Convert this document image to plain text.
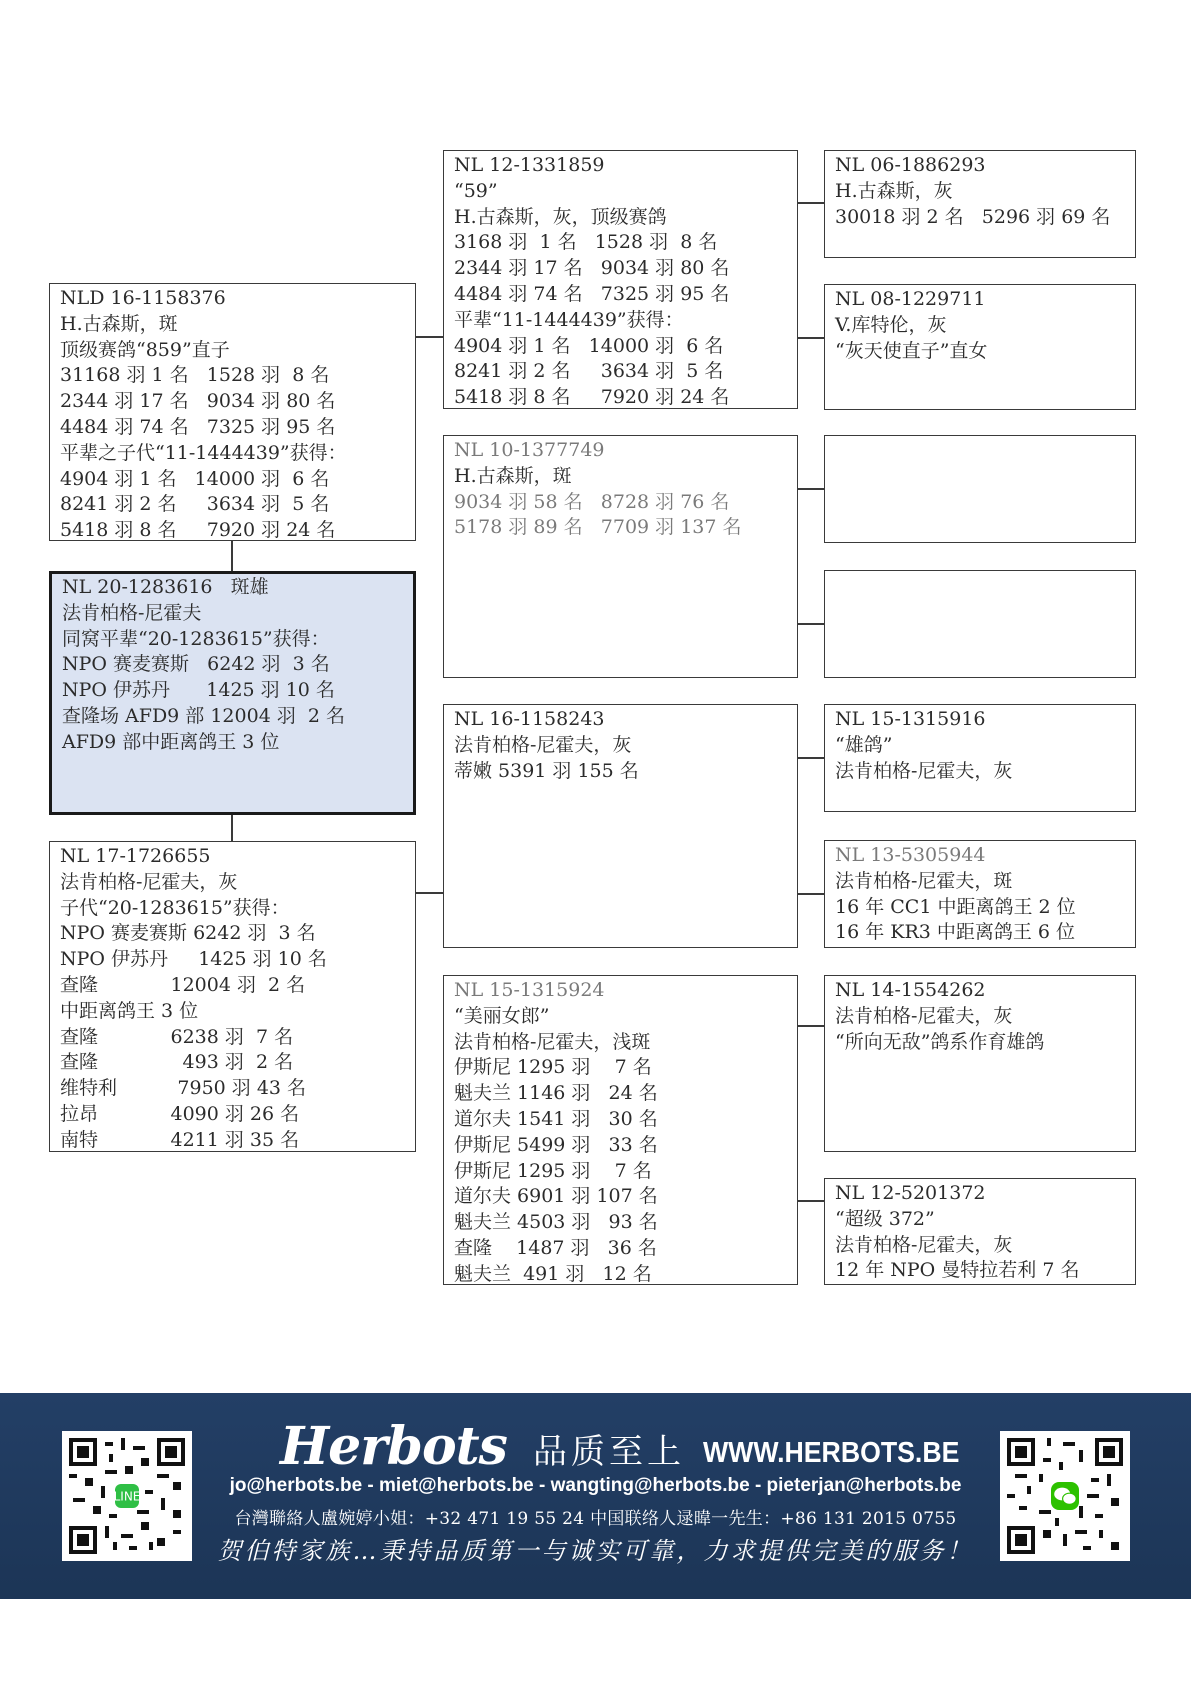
NLD 16-1158376
H.古森斯，斑
顶级赛鸽“859”直子
31168 羽 1 名   1528 羽  8 名
2344 羽 17 名   9034 羽 80 名
4484 羽 74 名   7325 羽 95 名
平辈之子代“11-1444439”获得：
4904 羽 1 名   14000 羽  6 名
8241 羽 2 名     3634 羽  5 名
5418 羽 8 名     7920 羽 24 名
NL 20-1283616   斑雄
法肯柏格-尼霍夫
同窝平辈“20-1283615”获得：
NPO 赛麦赛斯   6242 羽  3 名
NPO 伊苏丹      1425 羽 10 名
查隆场 AFD9 部 12004 羽  2 名
AFD9 部中距离鸽王 3 位
NL 17-1726655
法肯柏格-尼霍夫，灰
子代“20-1283615”获得：
NPO 赛麦赛斯 6242 羽  3 名
NPO 伊苏丹     1425 羽 10 名
查隆            12004 羽  2 名
中距离鸽王 3 位
查隆            6238 羽  7 名
查隆              493 羽  2 名
维特利          7950 羽 43 名
拉昂            4090 羽 26 名
南特            4211 羽 35 名
NL 12-1331859
“59”
H.古森斯，灰，顶级赛鸽
3168 羽  1 名   1528 羽  8 名
2344 羽 17 名   9034 羽 80 名
4484 羽 74 名   7325 羽 95 名
平辈“11-1444439”获得：
4904 羽 1 名   14000 羽  6 名
8241 羽 2 名     3634 羽  5 名
5418 羽 8 名     7920 羽 24 名
NL 10-1377749
H.古森斯，斑
9034 羽 58 名   8728 羽 76 名
5178 羽 89 名   7709 羽 137 名
NL 16-1158243
法肯柏格-尼霍夫，灰
蒂嫩 5391 羽 155 名
NL 15-1315924
“美丽女郎”
法肯柏格-尼霍夫，浅斑
伊斯尼 1295 羽    7 名
魁夫兰 1146 羽   24 名
道尔夫 1541 羽   30 名
伊斯尼 5499 羽   33 名
伊斯尼 1295 羽    7 名
道尔夫 6901 羽 107 名
魁夫兰 4503 羽   93 名
查隆    1487 羽   36 名
魁夫兰  491 羽   12 名
NL 06-1886293
H.古森斯，灰
30018 羽 2 名   5296 羽 69 名
NL 08-1229711
V.库特伦，灰
“灰天使直子”直女
NL 15-1315916
“雄鸽”
法肯柏格-尼霍夫，灰
NL 13-5305944
法肯柏格-尼霍夫，斑
16 年 CC1 中距离鸽王 2 位
16 年 KR3 中距离鸽王 6 位
NL 14-1554262
法肯柏格-尼霍夫，灰
“所向无敌”鸽系作育雄鸽
NL 12-5201372
“超级 372”
法肯柏格-尼霍夫，灰
12 年 NPO 曼特拉若利 7 名
LINE
Herbots 品质至上 WWW.HERBOTS.BE
jo@herbots.be - miet@herbots.be - wangting@herbots.be - pieterjan@herbots.be
台灣聯絡人盧婉婷小姐：+32 471 19 55 24 中国联络人逯暐一先生：+86 131 2015 0755
贺伯特家族…秉持品质第一与诚实可靠，力求提供完美的服务！
